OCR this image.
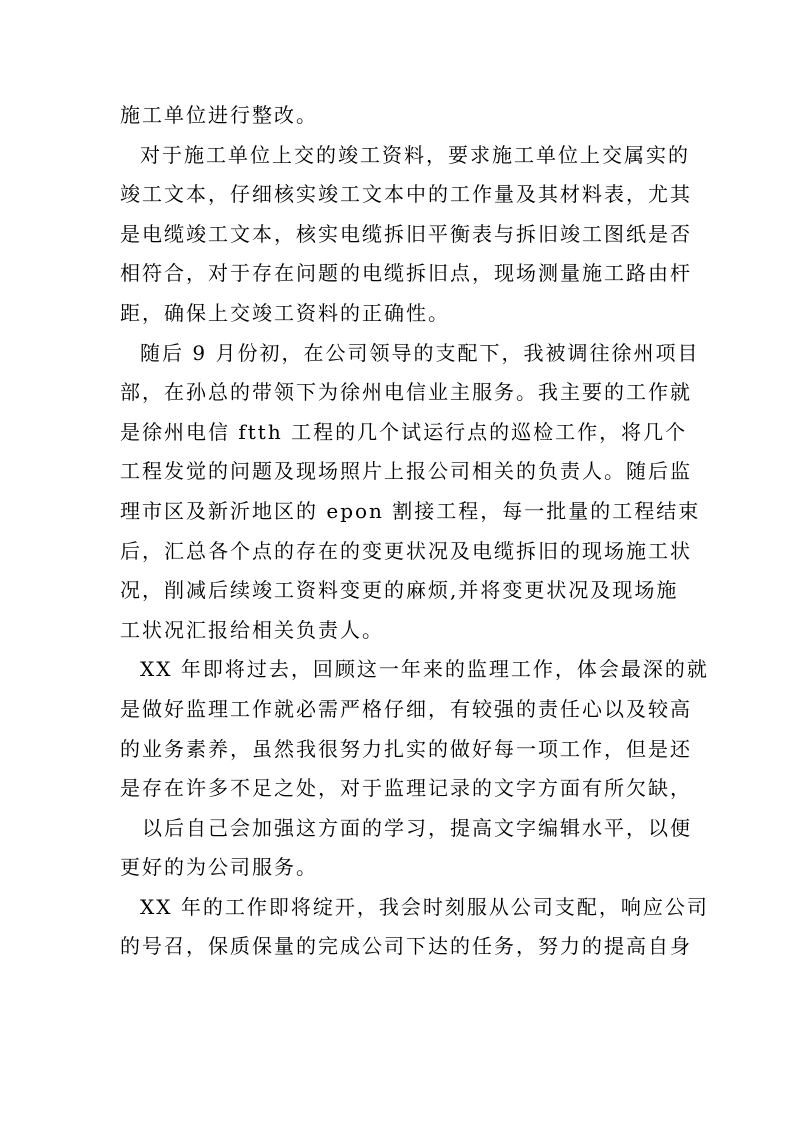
施工单位进行整改。

对于施工单位上交的竣工资料，要求施工单位上交属实的

竣工文本，仔细核实竣工文本中的工作量及其材料表，尤其

是电缆竣工文本，核实电缆拆旧平衡表与拆旧竣工图纸是否

相符合，对于存在问题的电缆拆旧点，现场测量施工路由杆

距，确保上交竣工资料的正确性。

随后 9 月份初，在公司领导的支配下，我被调往徐州项目

部，在孙总的带领下为徐州电信业主服务。我主要的工作就

是徐州电信 ftth 工程的几个试运行点的巡检工作，将几个

工程发觉的问题及现场照片上报公司相关的负责人。随后监

理市区及新沂地区的 epon 割接工程，每一批量的工程结束

后，汇总各个点的存在的变更状况及电缆拆旧的现场施工状

况，削减后续竣工资料变更的麻烦,并将变更状况及现场施

工状况汇报给相关负责人。

XX 年即将过去，回顾这一年来的监理工作，体会最深的就

是做好监理工作就必需严格仔细，有较强的责任心以及较高

的业务素养，虽然我很努力扎实的做好每一项工作，但是还

是存在许多不足之处，对于监理记录的文字方面有所欠缺，

以后自己会加强这方面的学习，提高文字编辑水平，以便

更好的为公司服务。

XX 年的工作即将绽开，我会时刻服从公司支配，响应公司

的号召，保质保量的完成公司下达的任务，努力的提高自身
